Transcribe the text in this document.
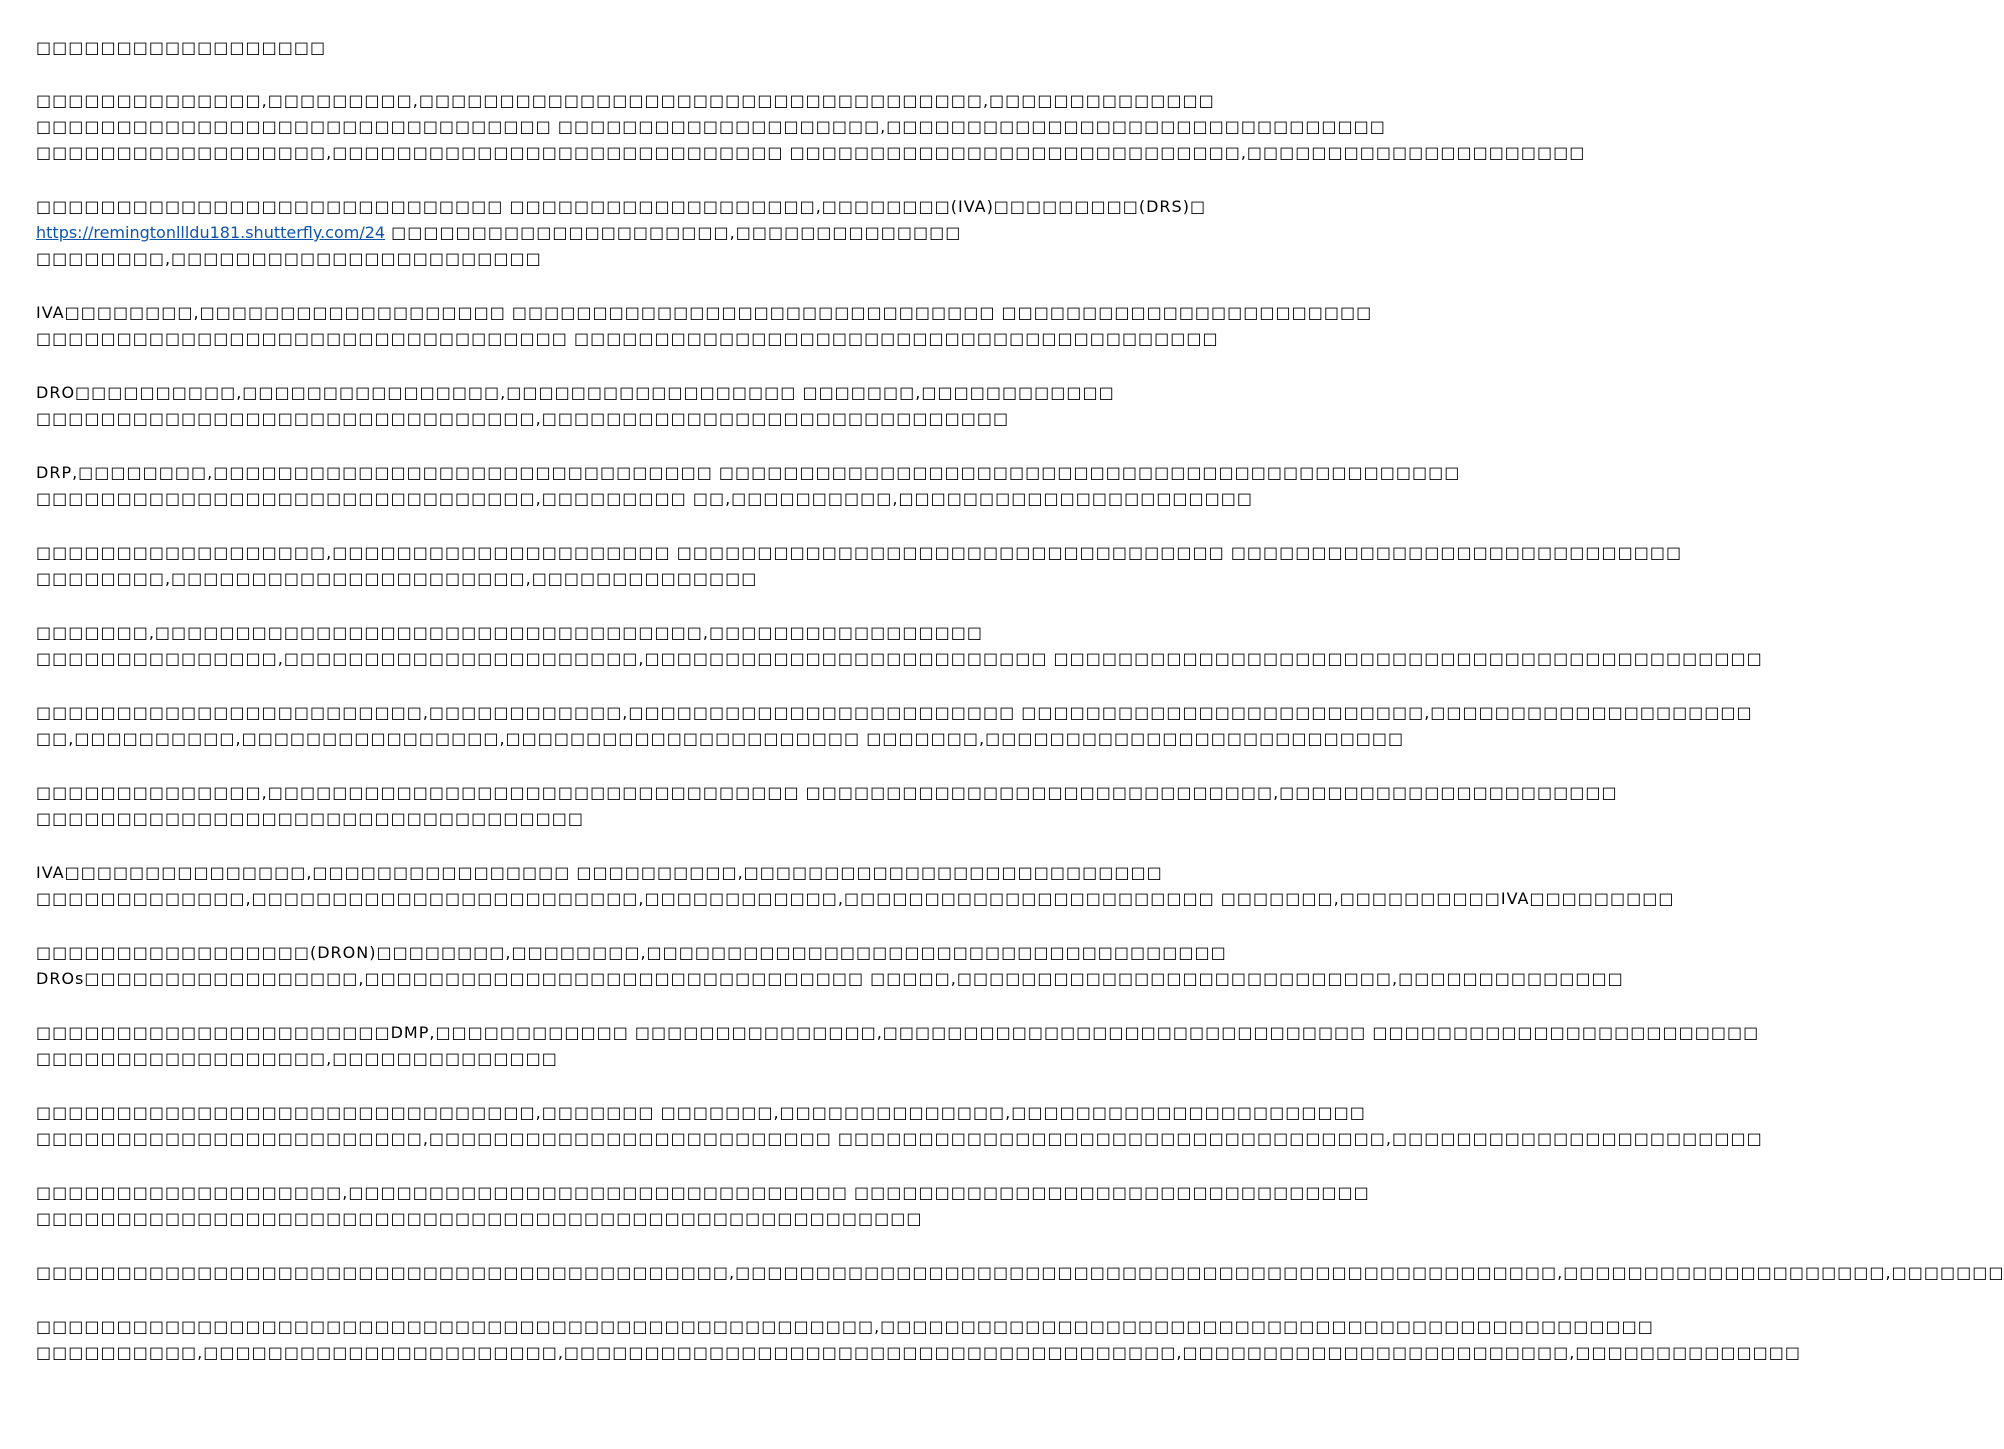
□□□□□□□□□□□□□□□□□□
□□□□□□□□□□□□□□,□□□□□□□□□,□□□□□□□□□□□□□□□□□□□□□□□□□□□□□□□□□□□,□□□□□□□□□□□□□□
□□□□□□□□□□□□□□□□□□□□□□□□□□□□□□□□ □□□□□□□□□□□□□□□□□□□□,□□□□□□□□□□□□□□□□□□□□□□□□□□□□□□□
□□□□□□□□□□□□□□□□□□,□□□□□□□□□□□□□□□□□□□□□□□□□□□□ □□□□□□□□□□□□□□□□□□□□□□□□□□□□,□□□□□□□□□□□□□□□□□□□□□
□□□□□□□□□□□□□□□□□□□□□□□□□□□□□ □□□□□□□□□□□□□□□□□□□,□□□□□□□□(IVA)□□□□□□□□□(DRS)□
https://remingtonllldu181.shutterfly.com/24 □□□□□□□□□□□□□□□□□□□□□,□□□□□□□□□□□□□□
□□□□□□□□,□□□□□□□□□□□□□□□□□□□□□□□
IVA□□□□□□□□,□□□□□□□□□□□□□□□□□□□ □□□□□□□□□□□□□□□□□□□□□□□□□□□□□□ □□□□□□□□□□□□□□□□□□□□□□□
□□□□□□□□□□□□□□□□□□□□□□□□□□□□□□□□□ □□□□□□□□□□□□□□□□□□□□□□□□□□□□□□□□□□□□□□□□
DRO□□□□□□□□□□,□□□□□□□□□□□□□□□□,□□□□□□□□□□□□□□□□□□ □□□□□□□,□□□□□□□□□□□□
□□□□□□□□□□□□□□□□□□□□□□□□□□□□□□□,□□□□□□□□□□□□□□□□□□□□□□□□□□□□□
DRP,□□□□□□□□,□□□□□□□□□□□□□□□□□□□□□□□□□□□□□□□ □□□□□□□□□□□□□□□□□□□□□□□□□□□□□□□□□□□□□□□□□□□□□□
□□□□□□□□□□□□□□□□□□□□□□□□□□□□□□□,□□□□□□□□□ □□,□□□□□□□□□□,□□□□□□□□□□□□□□□□□□□□□□
□□□□□□□□□□□□□□□□□□,□□□□□□□□□□□□□□□□□□□□□ □□□□□□□□□□□□□□□□□□□□□□□□□□□□□□□□□□ □□□□□□□□□□□□□□□□□□□□□□□□□□□□
□□□□□□□□,□□□□□□□□□□□□□□□□□□□□□□,□□□□□□□□□□□□□□
□□□□□□□,□□□□□□□□□□□□□□□□□□□□□□□□□□□□□□□□□□,□□□□□□□□□□□□□□□□□
□□□□□□□□□□□□□□□,□□□□□□□□□□□□□□□□□□□□□□,□□□□□□□□□□□□□□□□□□□□□□□□□ □□□□□□□□□□□□□□□□□□□□□□□□□□□□□□□□□□□□□□□□□□□□
□□□□□□□□□□□□□□□□□□□□□□□□,□□□□□□□□□□□□,□□□□□□□□□□□□□□□□□□□□□□□□ □□□□□□□□□□□□□□□□□□□□□□□□□,□□□□□□□□□□□□□□□□□□□□
□□,□□□□□□□□□□,□□□□□□□□□□□□□□□□,□□□□□□□□□□□□□□□□□□□□□□ □□□□□□□,□□□□□□□□□□□□□□□□□□□□□□□□□□
□□□□□□□□□□□□□□,□□□□□□□□□□□□□□□□□□□□□□□□□□□□□□□□□ □□□□□□□□□□□□□□□□□□□□□□□□□□□□□,□□□□□□□□□□□□□□□□□□□□□
□□□□□□□□□□□□□□□□□□□□□□□□□□□□□□□□□□
IVA□□□□□□□□□□□□□□□,□□□□□□□□□□□□□□□□ □□□□□□□□□□,□□□□□□□□□□□□□□□□□□□□□□□□□□
□□□□□□□□□□□□□,□□□□□□□□□□□□□□□□□□□□□□□□,□□□□□□□□□□□□,□□□□□□□□□□□□□□□□□□□□□□□ □□□□□□□,□□□□□□□□□□IVA□□□□□□□□□
□□□□□□□□□□□□□□□□□(DRON)□□□□□□□□,□□□□□□□□,□□□□□□□□□□□□□□□□□□□□□□□□□□□□□□□□□□□□
DROs□□□□□□□□□□□□□□□□□,□□□□□□□□□□□□□□□□□□□□□□□□□□□□□□□ □□□□□,□□□□□□□□□□□□□□□□□□□□□□□□□□□,□□□□□□□□□□□□□□
□□□□□□□□□□□□□□□□□□□□□□DMP,□□□□□□□□□□□□ □□□□□□□□□□□□□□□,□□□□□□□□□□□□□□□□□□□□□□□□□□□□□□ □□□□□□□□□□□□□□□□□□□□□□□□
□□□□□□□□□□□□□□□□□□,□□□□□□□□□□□□□□
□□□□□□□□□□□□□□□□□□□□□□□□□□□□□□□,□□□□□□□ □□□□□□□,□□□□□□□□□□□□□□,□□□□□□□□□□□□□□□□□□□□□□
□□□□□□□□□□□□□□□□□□□□□□□□,□□□□□□□□□□□□□□□□□□□□□□□□□ □□□□□□□□□□□□□□□□□□□□□□□□□□□□□□□□□□,□□□□□□□□□□□□□□□□□□□□□□□
□□□□□□□□□□□□□□□□□□□,□□□□□□□□□□□□□□□□□□□□□□□□□□□□□□□ □□□□□□□□□□□□□□□□□□□□□□□□□□□□□□□□
□□□□□□□□□□□□□□□□□□□□□□□□□□□□□□□□□□□□□□□□□□□□□□□□□□□□□□□
□□□□□□□□□□□□□□□□□□□□□□□□□□□□□□□□□□□□□□□□□□□,□□□□□□□□□□□□□□□□□□□□□□□□□□□□□□□□□□□□□□□□□□□□□□□□□□□,□□□□□□□□□□□□□□□□□□□□,□□□□□□□
□□□□□□□□□□□□□□□□□□□□□□□□□□□□□□□□□□□□□□□□□□□□□□□□□□□□,□□□□□□□□□□□□□□□□□□□□□□□□□□□□□□□□□□□□□□□□□□□□□□□□
□□□□□□□□□□,□□□□□□□□□□□□□□□□□□□□□□,□□□□□□□□□□□□□□□□□□□□□□□□□□□□□□□□□□□□□□,□□□□□□□□□□□□□□□□□□□□□□□□,□□□□□□□□□□□□□□
